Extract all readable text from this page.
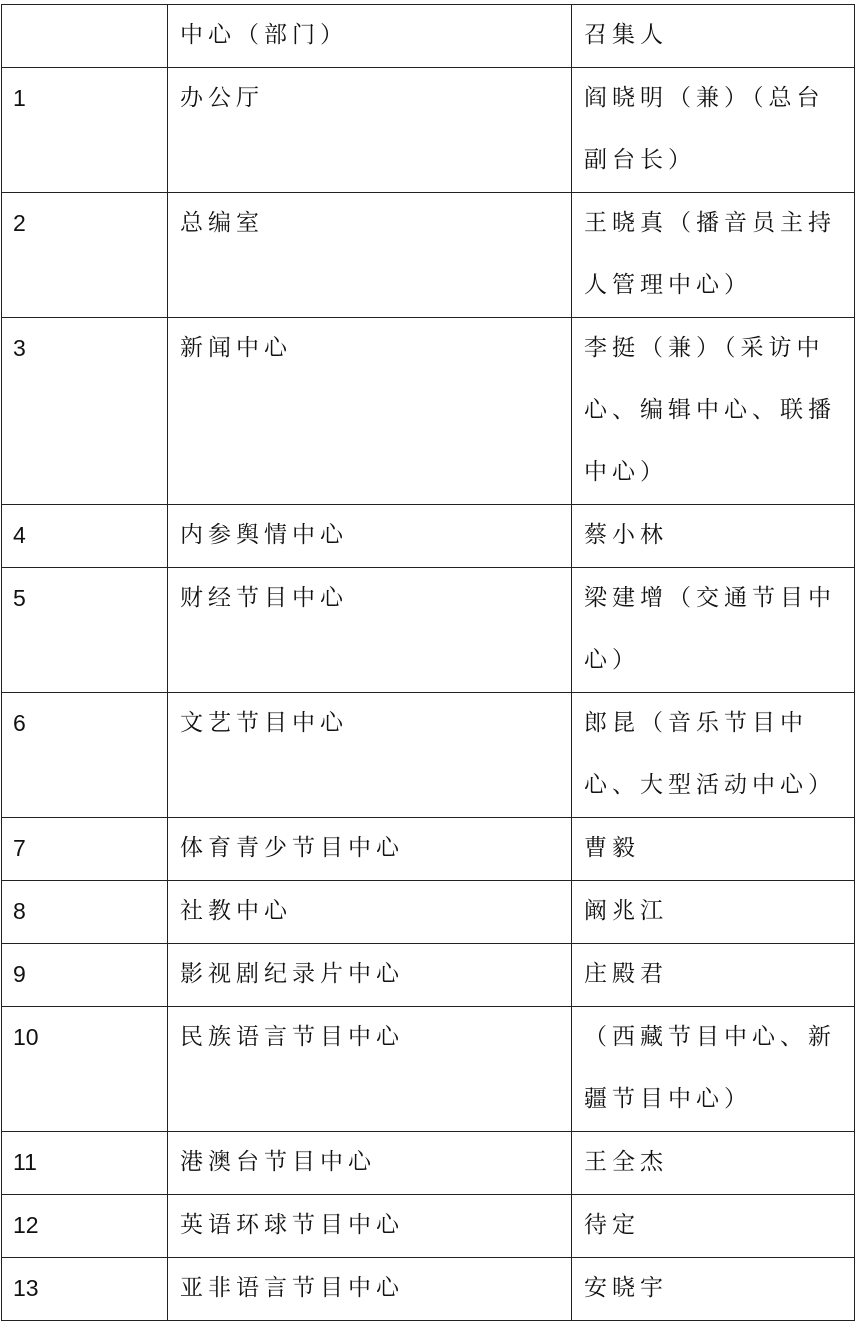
	中心（部门）	召集人

1	办公厅	阎晓明（兼）（总台副台长）

2	总编室	王晓真（播音员主持人管理中心）

3	新闻中心	李挺（兼）（采访中心、编辑中心、联播中心）

4	内参舆情中心	蔡小林

5	财经节目中心	梁建增（交通节目中心）

6	文艺节目中心	郎昆（音乐节目中心、大型活动中心）

7	体育青少节目中心	曹毅

8	社教中心	阚兆江

9	影视剧纪录片中心	庄殿君

10	民族语言节目中心	（西藏节目中心、新疆节目中心）

11	港澳台节目中心	王全杰

12	英语环球节目中心	待定

13	亚非语言节目中心	安晓宇
